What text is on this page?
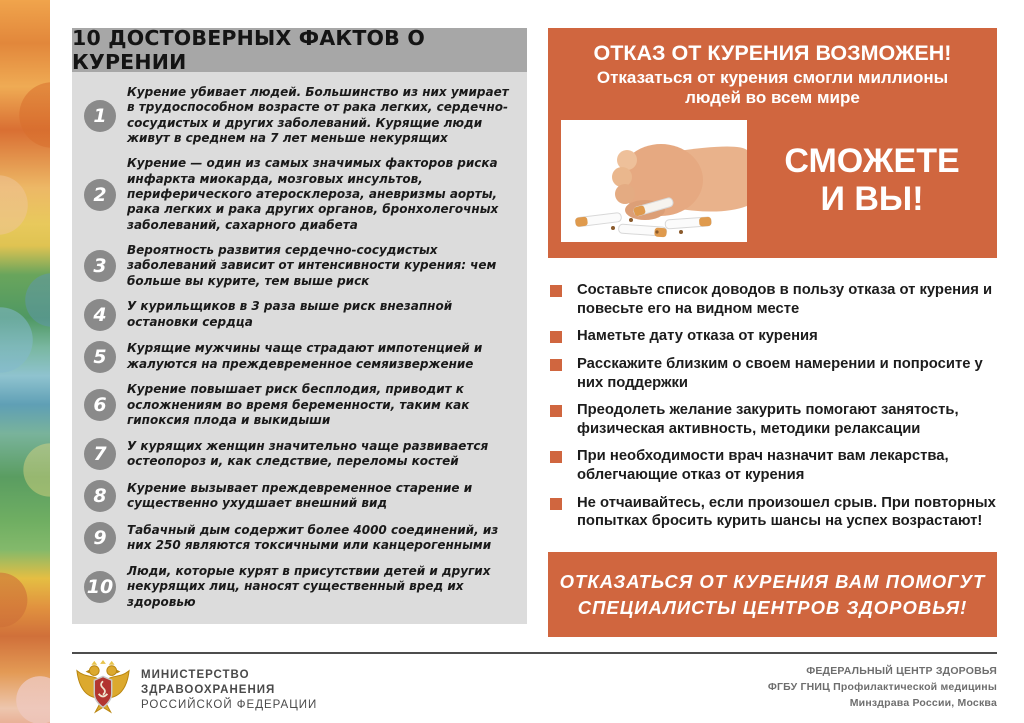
10 ДОСТОВЕРНЫХ ФАКТОВ О КУРЕНИИ
1
Курение убивает людей. Большинство из них умирает в трудоспособном возрасте от рака легких, сердечно-сосудистых и других заболеваний. Курящие люди живут в среднем на 7 лет меньше некурящих
2
Курение — один из самых значимых факторов риска инфаркта миокарда, мозговых инсультов, периферического атеросклероза, аневризмы аорты, рака легких и рака других органов, бронхолегочных заболеваний, сахарного диабета
3
Вероятность развития сердечно-сосудистых заболеваний зависит от интенсивности курения: чем больше вы курите, тем выше риск
4	У курильщиков в 3 раза выше риск внезапной остановки сердца
5	Курящие мужчины чаще страдают импотенцией и жалуются на преждевременное семяизвержение
6
Курение повышает риск бесплодия, приводит к осложнениям во время беременности, таким как гипоксия плода и выкидыши
7	У курящих женщин значительно чаще развивается остеопороз и, как следствие, переломы костей
8	Курение вызывает преждевременное старение и существенно ухудшает внешний вид
9	Табачный дым содержит более 4000 соединений, из них 250 являются токсичными или канцерогенными
10
Люди, которые курят в присутствии детей и других некурящих лиц, наносят существенный вред их здоровью
ОТКАЗ ОТ КУРЕНИЯ ВОЗМОЖЕН!
Отказаться от курения смогли миллионы людей во всем мире
СМОЖЕТЕ
И ВЫ!
Составьте список доводов в пользу отказа от курения и повесьте его на видном месте
Наметьте дату отказа от курения
Расскажите близким о своем намерении и попросите у них поддержки
Преодолеть желание закурить помогают занятость, физическая активность, методики релаксации
При необходимости врач назначит вам лекарства, облегчающие отказ от курения
Не отчаивайтесь, если произошел срыв. При повторных попытках бросить курить шансы на успех возрастают!
ОТКАЗАТЬСЯ ОТ КУРЕНИЯ ВАМ ПОМОГУТ
СПЕЦИАЛИСТЫ ЦЕНТРОВ ЗДОРОВЬЯ!
МИНИСТЕРСТВО
ЗДРАВООХРАНЕНИЯ
РОССИЙСКОЙ ФЕДЕРАЦИИ
ФЕДЕРАЛЬНЫЙ ЦЕНТР ЗДОРОВЬЯ
ФГБУ ГНИЦ Профилактической медицины
Минздрава России, Москва
